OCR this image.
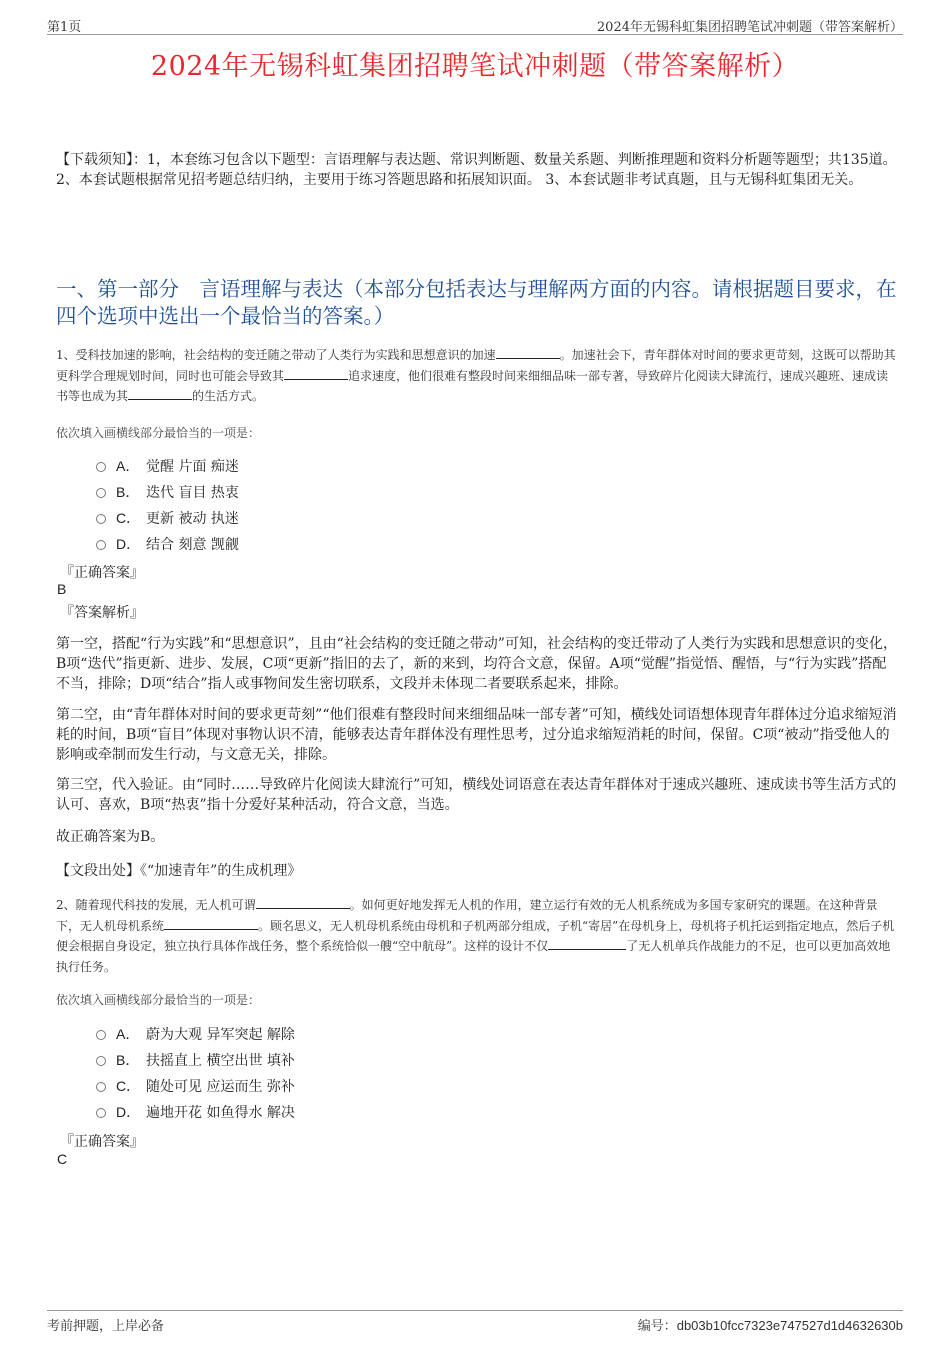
第1页	2024年无锡科虹集团招聘笔试冲刺题（带答案解析）
2024年无锡科虹集团招聘笔试冲刺题（带答案解析）

【下载须知】：1，本套练习包含以下题型：言语理解与表达题、常识判断题、数量关系题、判断推理题和资料分析题等题型；共135道。 2、本套试题根据常见招考题总结归纳，主要用于练习答题思路和拓展知识面。 3、本套试题非考试真题，且与无锡科虹集团无关。

一、第一部分　言语理解与表达（本部分包括表达与理解两方面的内容。请根据题目要求，在四个选项中选出一个最恰当的答案。）

1、受科技加速的影响，社会结构的变迁随之带动了人类行为实践和思想意识的加速	。加速社会下，青年群体对时间的要求更苛刻，这既可以帮助其更科学合理规划时间，同时也可能会导致其	追求速度，他们很难有整段时间来细细品味一部专著，导致碎片化阅读大肆流行，速成兴趣班、速成读书等也成为其	的生活方式。

依次填入画横线部分最恰当的一项是：

A． 觉醒 片面 痴迷
B． 迭代 盲目 热衷
C． 更新 被动 执迷
D． 结合 刻意 觊觎

『正确答案』

B

『答案解析』

第一空，搭配“行为实践”和“思想意识”，且由“社会结构的变迁随之带动”可知，社会结构的变迁带动了人类行为实践和思想意识的变化，B项“迭代”指更新、进步、发展，C项“更新”指旧的去了，新的来到，均符合文意，保留。A项“觉醒”指觉悟、醒悟，与“行为实践”搭配不当，排除；D项“结合”指人或事物间发生密切联系，文段并未体现二者要联系起来，排除。

第二空，由“青年群体对时间的要求更苛刻”“他们很难有整段时间来细细品味一部专著”可知，横线处词语想体现青年群体过分追求缩短消耗的时间，B项“盲目”体现对事物认识不清，能够表达青年群体没有理性思考，过分追求缩短消耗的时间，保留。C项“被动”指受他人的影响或牵制而发生行动，与文意无关，排除。

第三空，代入验证。由“同时……导致碎片化阅读大肆流行”可知，横线处词语意在表达青年群体对于速成兴趣班、速成读书等生活方式的认可、喜欢，B项“热衷”指十分爱好某种活动，符合文意，当选。

故正确答案为B。

【文段出处】《“加速青年”的生成机理》

2、随着现代科技的发展，无人机可谓	。如何更好地发挥无人机的作用，建立运行有效的无人机系统成为多国专家研究的课题。在这种背景下，无人机母机系统	。顾名思义，无人机母机系统由母机和子机两部分组成，子机“寄居”在母机身上，母机将子机托运到指定地点，然后子机便会根据自身设定，独立执行具体作战任务，整个系统恰似一艘“空中航母”。这样的设计不仅	了无人机单兵作战能力的不足，也可以更加高效地执行任务。

依次填入画横线部分最恰当的一项是：

A． 蔚为大观 异军突起 解除
B． 扶摇直上 横空出世 填补
C． 随处可见 应运而生 弥补
D． 遍地开花 如鱼得水 解决

『正确答案』

C

考前押题，上岸必备	编号：db03b10fcc7323e747527d1d4632630b
